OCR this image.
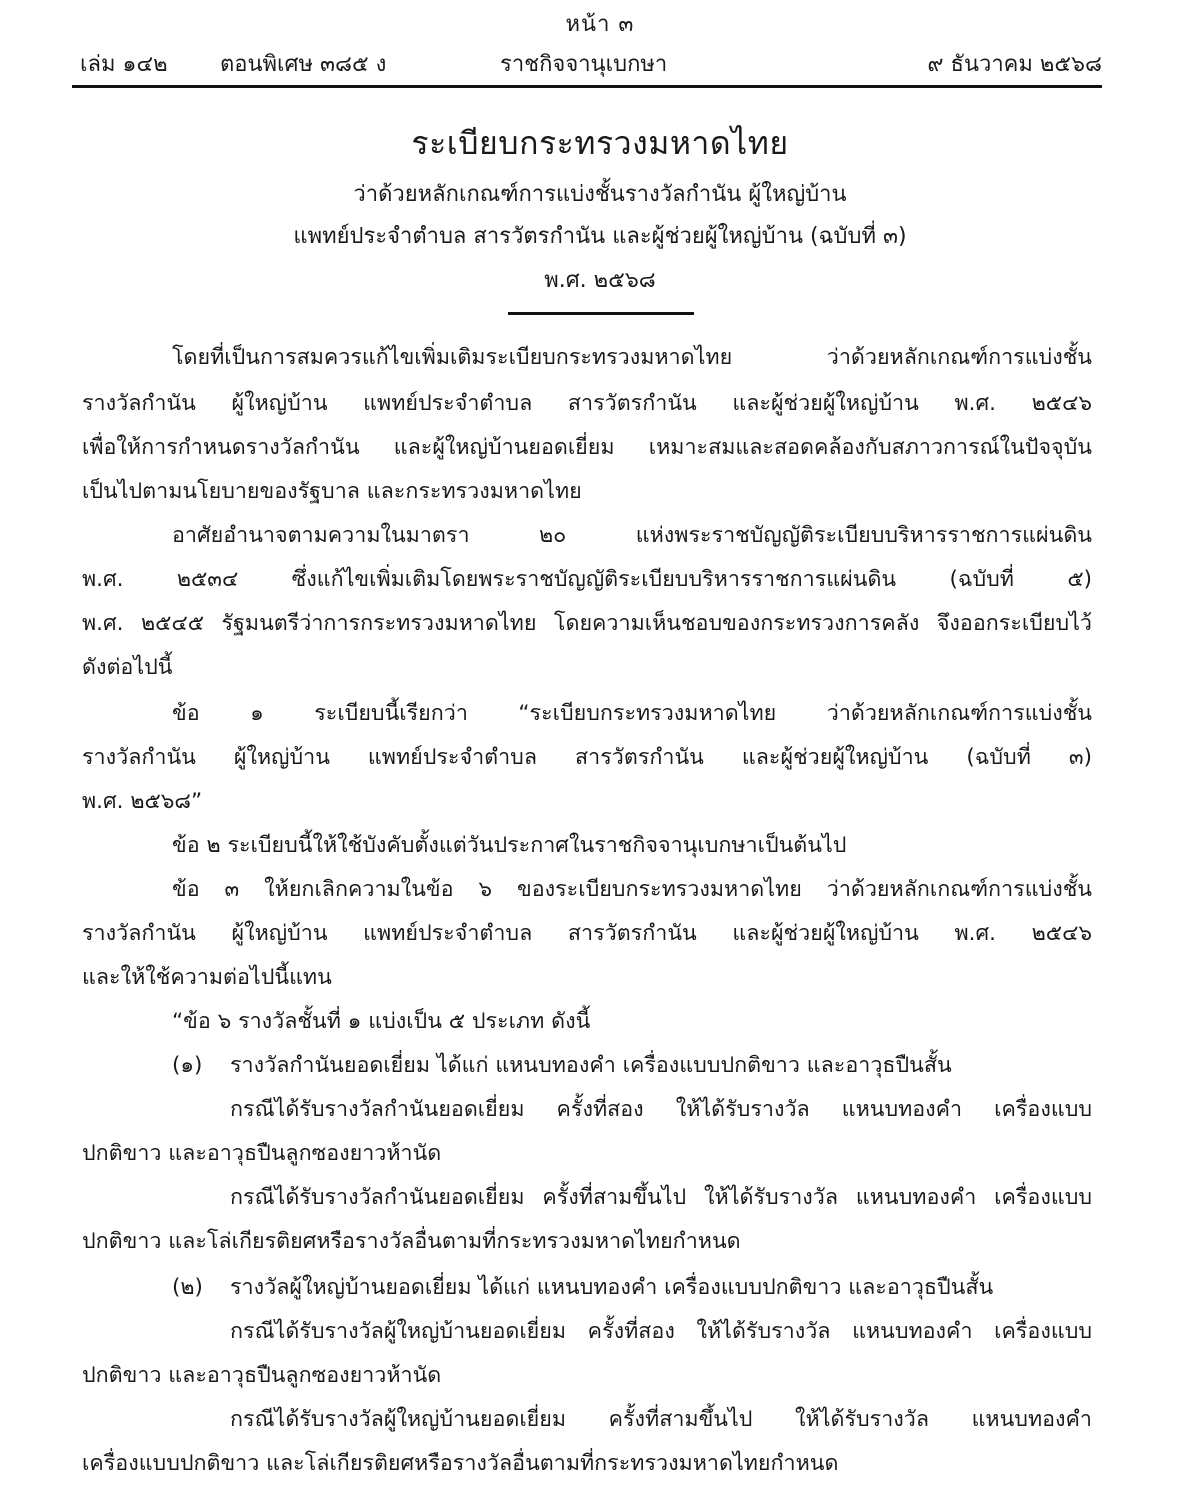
หน้า ๓
เล่ม ๑๔๒ ตอนพิเศษ ๓๘๕ ง	ราชกิจจานุเบกษา	๙ ธันวาคม ๒๕๖๘
ระเบียบกระทรวงมหาดไทย
ว่าด้วยหลักเกณฑ์การแบ่งชั้นรางวัลกำนัน ผู้ใหญ่บ้าน
แพทย์ประจำตำบล สารวัตรกำนัน และผู้ช่วยผู้ใหญ่บ้าน (ฉบับที่ ๓)
พ.ศ. ๒๕๖๘
โดยที่เป็นการสมควรแก้ไขเพิ่มเติมระเบียบกระทรวงมหาดไทย ว่าด้วยหลักเกณฑ์การแบ่งชั้น
รางวัลกำนัน ผู้ใหญ่บ้าน แพทย์ประจำตำบล สารวัตรกำนัน และผู้ช่วยผู้ใหญ่บ้าน พ.ศ. ๒๕๔๖
เพื่อให้การกำหนดรางวัลกำนัน และผู้ใหญ่บ้านยอดเยี่ยม เหมาะสมและสอดคล้องกับสภาวการณ์ในปัจจุบัน
เป็นไปตามนโยบายของรัฐบาล และกระทรวงมหาดไทย
อาศัยอำนาจตามความในมาตรา ๒๐ แห่งพระราชบัญญัติระเบียบบริหารราชการแผ่นดิน
พ.ศ. ๒๕๓๔ ซึ่งแก้ไขเพิ่มเติมโดยพระราชบัญญัติระเบียบบริหารราชการแผ่นดิน (ฉบับที่ ๕)
พ.ศ. ๒๕๔๕ รัฐมนตรีว่าการกระทรวงมหาดไทย โดยความเห็นชอบของกระทรวงการคลัง จึงออกระเบียบไว้
ดังต่อไปนี้
ข้อ ๑ ระเบียบนี้เรียกว่า “ระเบียบกระทรวงมหาดไทย ว่าด้วยหลักเกณฑ์การแบ่งชั้น
รางวัลกำนัน ผู้ใหญ่บ้าน แพทย์ประจำตำบล สารวัตรกำนัน และผู้ช่วยผู้ใหญ่บ้าน (ฉบับที่ ๓)
พ.ศ. ๒๕๖๘”
ข้อ ๒ ระเบียบนี้ให้ใช้บังคับตั้งแต่วันประกาศในราชกิจจานุเบกษาเป็นต้นไป
ข้อ ๓ ให้ยกเลิกความในข้อ ๖ ของระเบียบกระทรวงมหาดไทย ว่าด้วยหลักเกณฑ์การแบ่งชั้น
รางวัลกำนัน ผู้ใหญ่บ้าน แพทย์ประจำตำบล สารวัตรกำนัน และผู้ช่วยผู้ใหญ่บ้าน พ.ศ. ๒๕๔๖
และให้ใช้ความต่อไปนี้แทน
“ข้อ ๖ รางวัลชั้นที่ ๑ แบ่งเป็น ๕ ประเภท ดังนี้
(๑) รางวัลกำนันยอดเยี่ยม ได้แก่ แหนบทองคำ เครื่องแบบปกติขาว และอาวุธปืนสั้น
กรณีได้รับรางวัลกำนันยอดเยี่ยม ครั้งที่สอง ให้ได้รับรางวัล แหนบทองคำ เครื่องแบบ
ปกติขาว และอาวุธปืนลูกซองยาวห้านัด
กรณีได้รับรางวัลกำนันยอดเยี่ยม ครั้งที่สามขึ้นไป ให้ได้รับรางวัล แหนบทองคำ เครื่องแบบ
ปกติขาว และโล่เกียรติยศหรือรางวัลอื่นตามที่กระทรวงมหาดไทยกำหนด
(๒) รางวัลผู้ใหญ่บ้านยอดเยี่ยม ได้แก่ แหนบทองคำ เครื่องแบบปกติขาว และอาวุธปืนสั้น
กรณีได้รับรางวัลผู้ใหญ่บ้านยอดเยี่ยม ครั้งที่สอง ให้ได้รับรางวัล แหนบทองคำ เครื่องแบบ
ปกติขาว และอาวุธปืนลูกซองยาวห้านัด
กรณีได้รับรางวัลผู้ใหญ่บ้านยอดเยี่ยม ครั้งที่สามขึ้นไป ให้ได้รับรางวัล แหนบทองคำ
เครื่องแบบปกติขาว และโล่เกียรติยศหรือรางวัลอื่นตามที่กระทรวงมหาดไทยกำหนด
